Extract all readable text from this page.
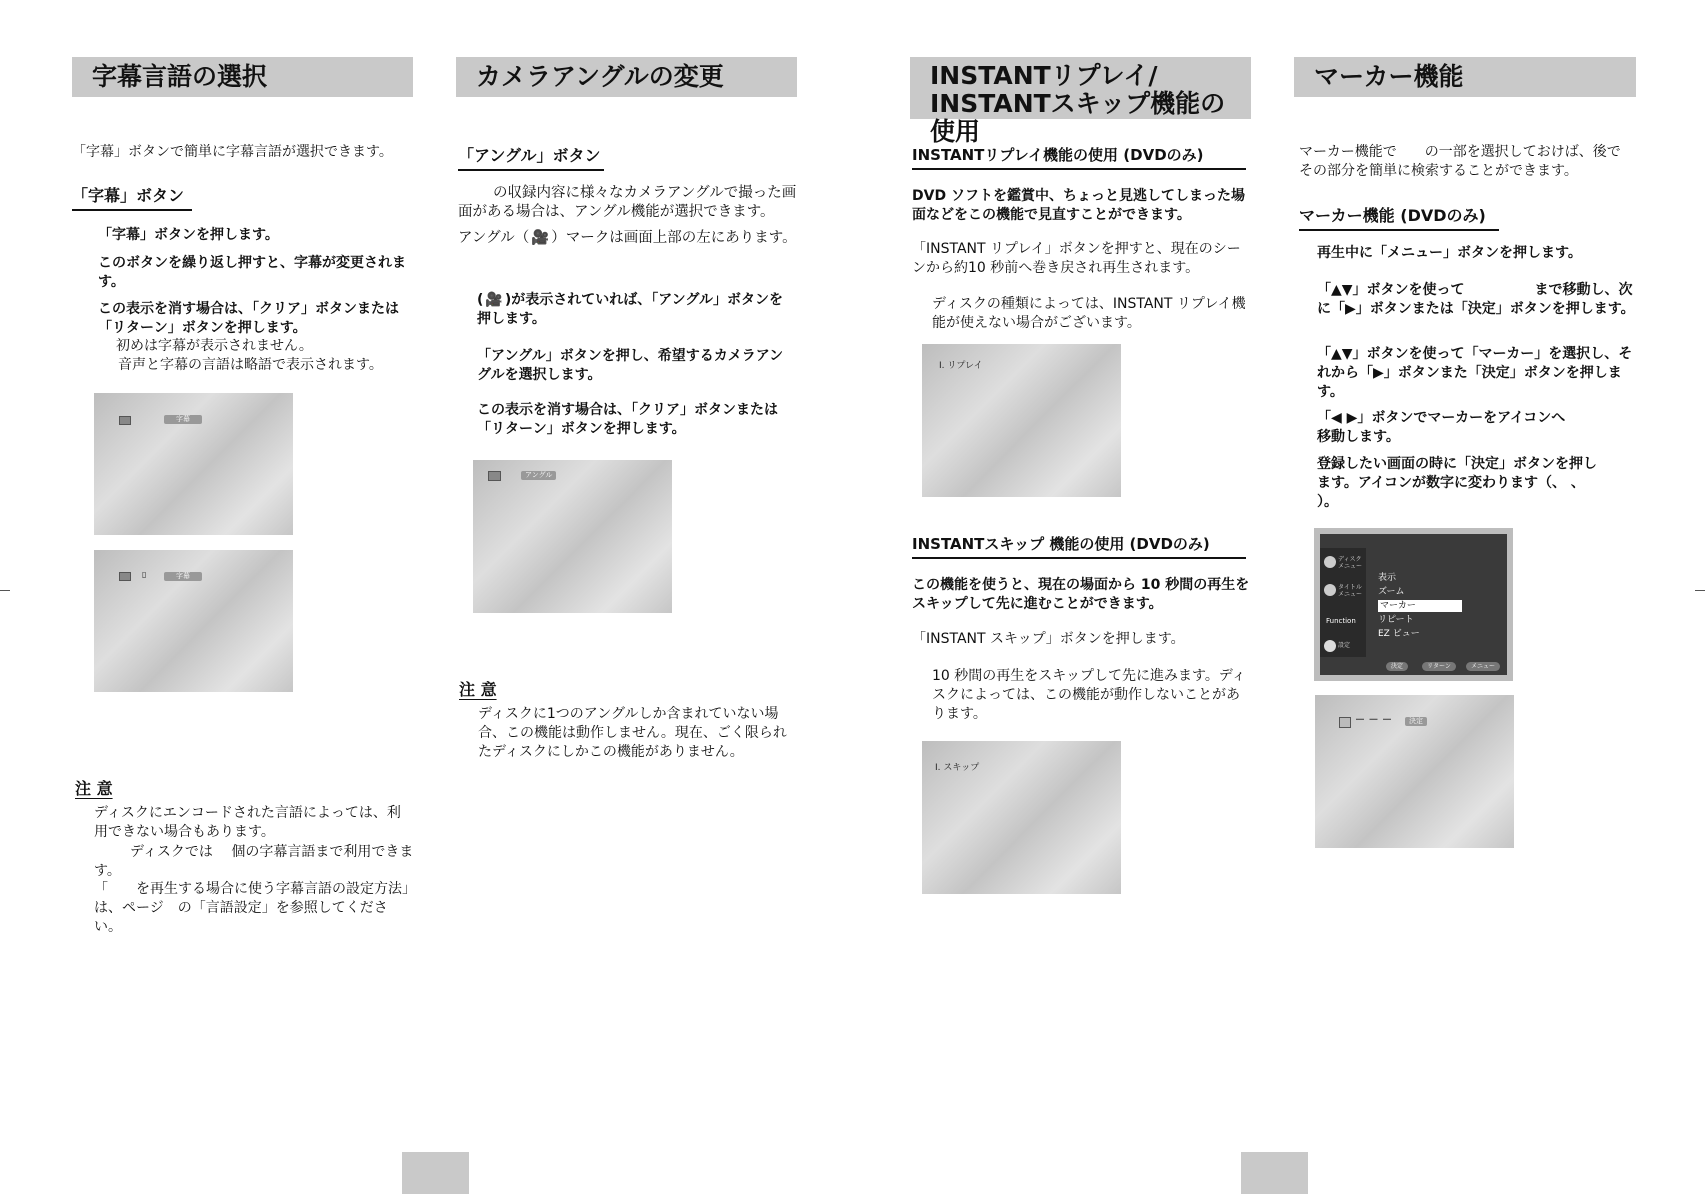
字幕言語の選択
「字幕」ボタンで簡単に字幕言語が選択できます。
「字幕」ボタン
「字幕」ボタンを押します。
このボタンを繰り返し押すと、字幕が変更されます。
この表示を消す場合は、「クリア」ボタンまたは「リターン」ボタンを押します。
初めは字幕が表示されません。
音声と字幕の言語は略語で表示されます。
字幕
▯	字幕
注 意
ディスクにエンコードされた言語によっては、利用できない場合もあります。
ディスクでは　 個の字幕言語まで利用できます。
「　　を再生する場合に使う字幕言語の設定方法」は、ページ　の「言語設定」を参照してください。
カメラアングルの変更
「アングル」ボタン
の収録内容に様々なカメラアングルで撮った画面がある場合は、アングル機能が選択できます。
アングル（ 🎥 ）マークは画面上部の左にあります。
( 🎥 )が表示されていれば、「アングル」ボタンを押します。
「アングル」ボタンを押し、希望するカメラアングルを選択します。
この表示を消す場合は、「クリア」ボタンまたは「リターン」ボタンを押します。
アングル
注 意
ディスクに1つのアングルしか含まれていない場合、この機能は動作しません。現在、ごく限られたディスクにしかこの機能がありません。
INSTANTリプレイ/
INSTANTスキップ機能の使用
INSTANTリプレイ機能の使用 (DVDのみ)
DVD ソフトを鑑賞中、ちょっと見逃してしまった場面などをこの機能で見直すことができます。
「INSTANT リプレイ」ボタンを押すと、現在のシーンから約10 秒前へ巻き戻され再生されます。
ディスクの種類によっては、INSTANT リプレイ機能が使えない場合がございます。
I. リプレイ
INSTANTスキップ 機能の使用 (DVDのみ)
この機能を使うと、現在の場面から 10 秒間の再生をスキップして先に進むことができます。
「INSTANT スキップ」ボタンを押します。
10 秒間の再生をスキップして先に進みます。ディスクによっては、この機能が動作しないことがあります。
I. スキップ
マーカー機能
マーカー機能で　　の一部を選択しておけば、後でその部分を簡単に検索することができます。
マーカー機能 (DVDのみ)
再生中に「メニュー」ボタンを押します。
「▲▼」ボタンを使って　　　　　まで移動し、次に「▶」ボタンまたは「決定」ボタンを押します。
「▲▼」ボタンを使って「マーカー」を選択し、それから「▶」ボタンまた「決定」ボタンを押します。
「◀ ▶」ボタンでマーカーをアイコンへ移動します。
登録したい画面の時に「決定」ボタンを押します。アイコンが数字に変わります（、 、 ）。
ディスク メニュー
タイトル メニュー
Function
設定
表示
ズーム
マーカー
リピート
EZ ビュー
決定	リターン	メニュー
－ － －	決定
